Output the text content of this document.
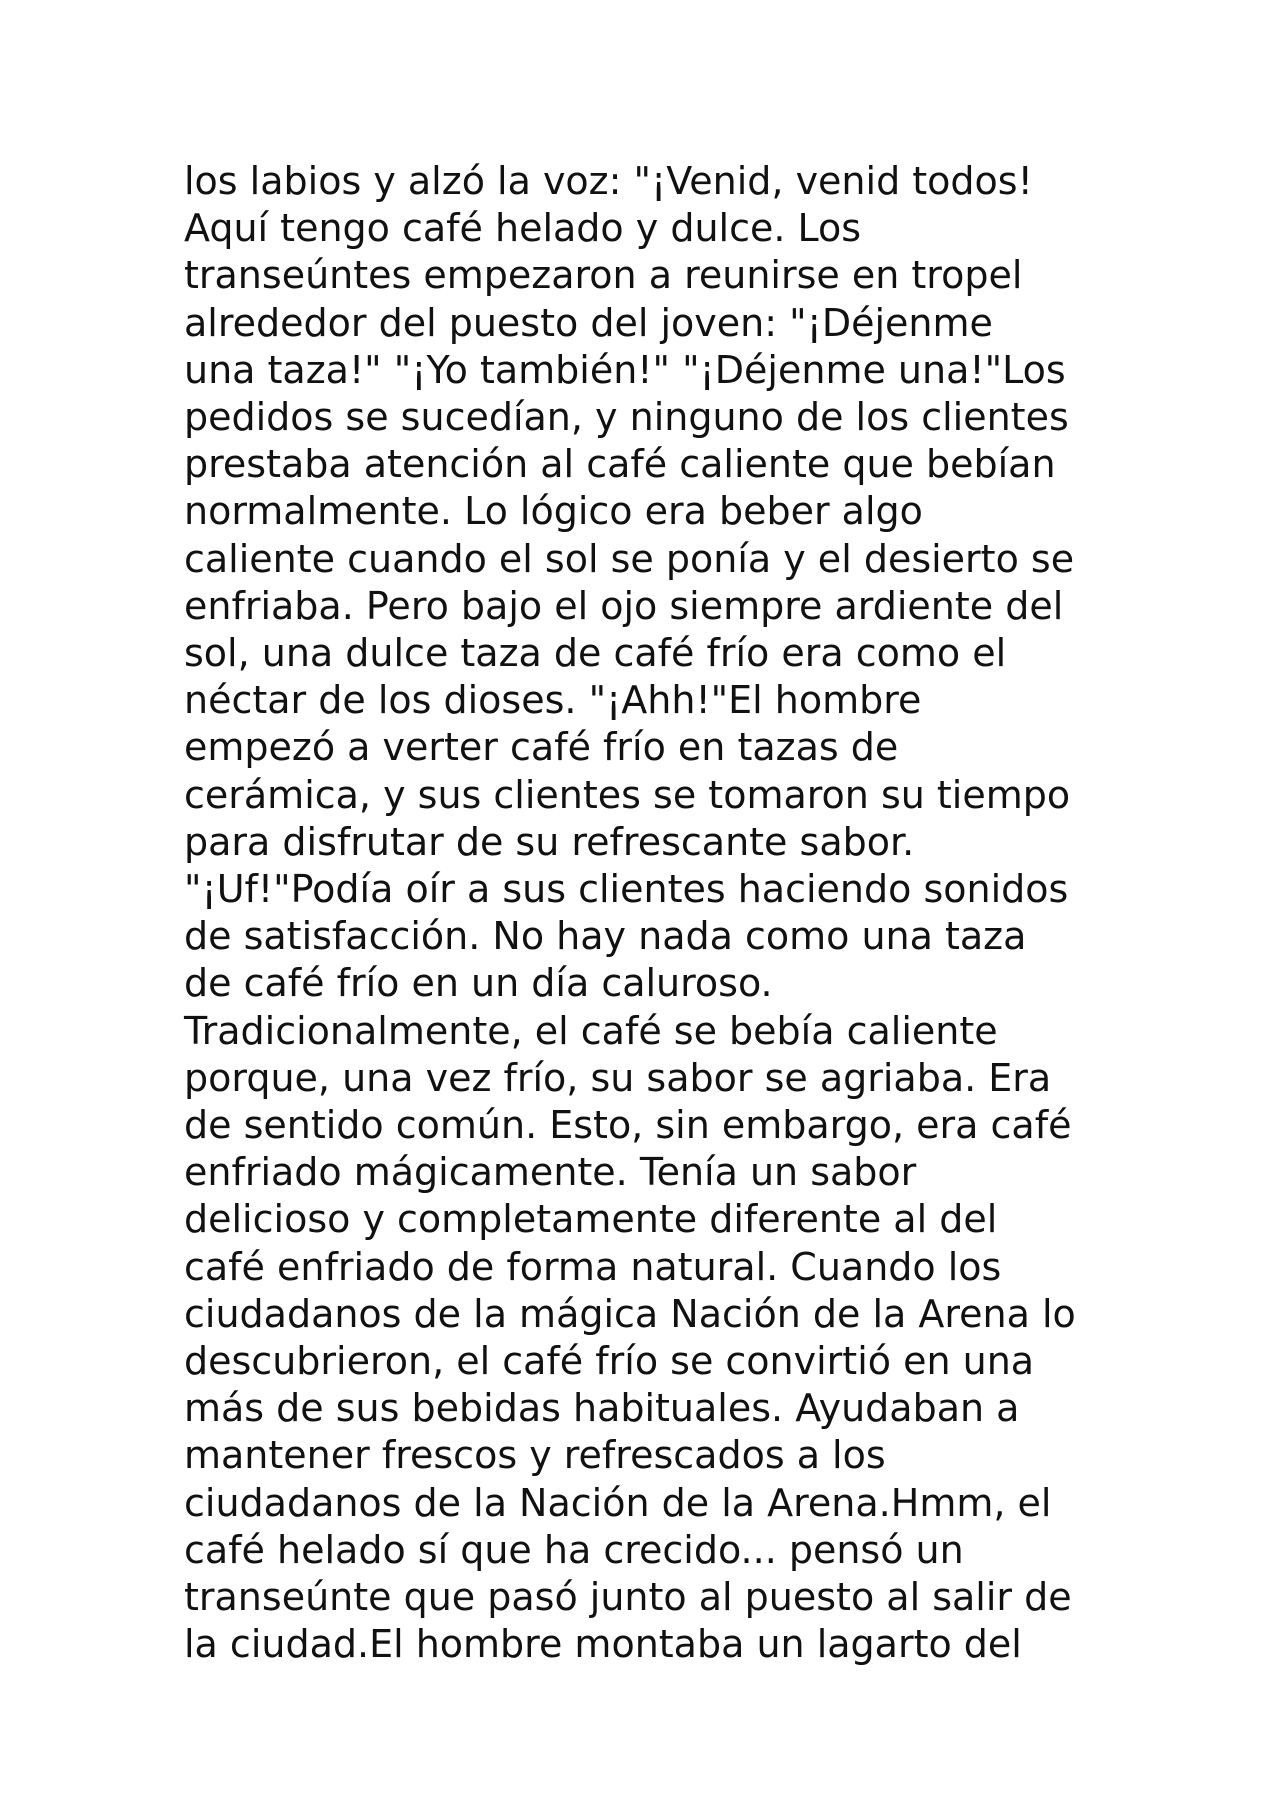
los labios y alzó la voz: "¡Venid, venid todos!
Aquí tengo café helado y dulce. Los
transeúntes empezaron a reunirse en tropel
alrededor del puesto del joven: "¡Déjenme
una taza!" "¡Yo también!" "¡Déjenme una!"Los
pedidos se sucedían, y ninguno de los clientes
prestaba atención al café caliente que bebían
normalmente. Lo lógico era beber algo
caliente cuando el sol se ponía y el desierto se
enfriaba. Pero bajo el ojo siempre ardiente del
sol, una dulce taza de café frío era como el
néctar de los dioses. "¡Ahh!"El hombre
empezó a verter café frío en tazas de
cerámica, y sus clientes se tomaron su tiempo
para disfrutar de su refrescante sabor.
"¡Uf!"Podía oír a sus clientes haciendo sonidos
de satisfacción. No hay nada como una taza
de café frío en un día caluroso.
Tradicionalmente, el café se bebía caliente
porque, una vez frío, su sabor se agriaba. Era
de sentido común. Esto, sin embargo, era café
enfriado mágicamente. Tenía un sabor
delicioso y completamente diferente al del
café enfriado de forma natural. Cuando los
ciudadanos de la mágica Nación de la Arena lo
descubrieron, el café frío se convirtió en una
más de sus bebidas habituales. Ayudaban a
mantener frescos y refrescados a los
ciudadanos de la Nación de la Arena.Hmm, el
café helado sí que ha crecido... pensó un
transeúnte que pasó junto al puesto al salir de
la ciudad.El hombre montaba un lagarto del
